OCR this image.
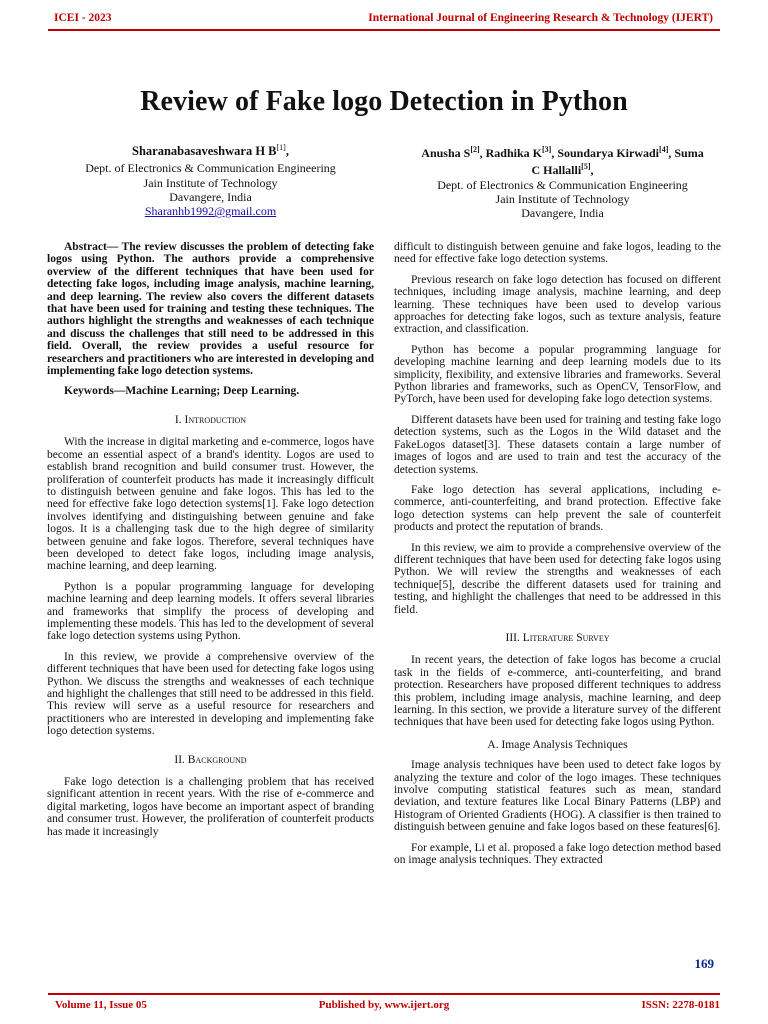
ICEI - 2023	International Journal of Engineering Research & Technology (IJERT)
Review of Fake logo Detection in Python
Sharanabasaveshwara H B[1],
Dept. of Electronics & Communication Engineering
Jain Institute of Technology
Davangere, India
Sharanhb1992@gmail.com
Anusha S[2], Radhika K[3], Soundarya Kirwadi[4], Suma
C Hallalli[5],
Dept. of Electronics & Communication Engineering
Jain Institute of Technology
Davangere, India

Abstract— The review discusses the problem of detecting fake logos using Python. The authors provide a comprehensive overview of the different techniques that have been used for detecting fake logos, including image analysis, machine learning, and deep learning. The review also covers the different datasets that have been used for training and testing these techniques. The authors highlight the strengths and weaknesses of each technique and discuss the challenges that still need to be addressed in this field. Overall, the review provides a useful resource for researchers and practitioners who are interested in developing and implementing fake logo detection systems.

Keywords—Machine Learning; Deep Learning.

I. Introduction

With the increase in digital marketing and e-commerce, logos have become an essential aspect of a brand's identity. Logos are used to establish brand recognition and build consumer trust. However, the proliferation of counterfeit products has made it increasingly difficult to distinguish between genuine and fake logos. This has led to the need for effective fake logo detection systems[1]. Fake logo detection involves identifying and distinguishing between genuine and fake logos. It is a challenging task due to the high degree of similarity between genuine and fake logos. Therefore, several techniques have been developed to detect fake logos, including image analysis, machine learning, and deep learning.

Python is a popular programming language for developing machine learning and deep learning models. It offers several libraries and frameworks that simplify the process of developing and implementing these models. This has led to the development of several fake logo detection systems using Python.

In this review, we provide a comprehensive overview of the different techniques that have been used for detecting fake logos using Python. We discuss the strengths and weaknesses of each technique and highlight the challenges that still need to be addressed in this field. This review will serve as a useful resource for researchers and practitioners who are interested in developing and implementing fake logo detection systems.

II. Background

Fake logo detection is a challenging problem that has received significant attention in recent years. With the rise of e-commerce and digital marketing, logos have become an important aspect of branding and consumer trust. However, the proliferation of counterfeit products has made it increasingly

difficult to distinguish between genuine and fake logos, leading to the need for effective fake logo detection systems.

Previous research on fake logo detection has focused on different techniques, including image analysis, machine learning, and deep learning. These techniques have been used to develop various approaches for detecting fake logos, such as texture analysis, feature extraction, and classification.

Python has become a popular programming language for developing machine learning and deep learning models due to its simplicity, flexibility, and extensive libraries and frameworks. Several Python libraries and frameworks, such as OpenCV, TensorFlow, and PyTorch, have been used for developing fake logo detection systems.

Different datasets have been used for training and testing fake logo detection systems, such as the Logos in the Wild dataset and the FakeLogos dataset[3]. These datasets contain a large number of images of logos and are used to train and test the accuracy of the detection systems.

Fake logo detection has several applications, including e-commerce, anti-counterfeiting, and brand protection. Effective fake logo detection systems can help prevent the sale of counterfeit products and protect the reputation of brands.

In this review, we aim to provide a comprehensive overview of the different techniques that have been used for detecting fake logos using Python. We will review the strengths and weaknesses of each technique[5], describe the different datasets used for training and testing, and highlight the challenges that need to be addressed in this field.

III. Literature Survey

In recent years, the detection of fake logos has become a crucial task in the fields of e-commerce, anti-counterfeiting, and brand protection. Researchers have proposed different techniques to address this problem, including image analysis, machine learning, and deep learning. In this section, we provide a literature survey of the different techniques that have been used for detecting fake logos using Python.

A. Image Analysis Techniques

Image analysis techniques have been used to detect fake logos by analyzing the texture and color of the logo images. These techniques involve computing statistical features such as mean, standard deviation, and texture features like Local Binary Patterns (LBP) and Histogram of Oriented Gradients (HOG). A classifier is then trained to distinguish between genuine and fake logos based on these features[6].

For example, Li et al. proposed a fake logo detection method based on image analysis techniques. They extracted

169
Volume 11, Issue 05	Published by, www.ijert.org	ISSN: 2278-0181
